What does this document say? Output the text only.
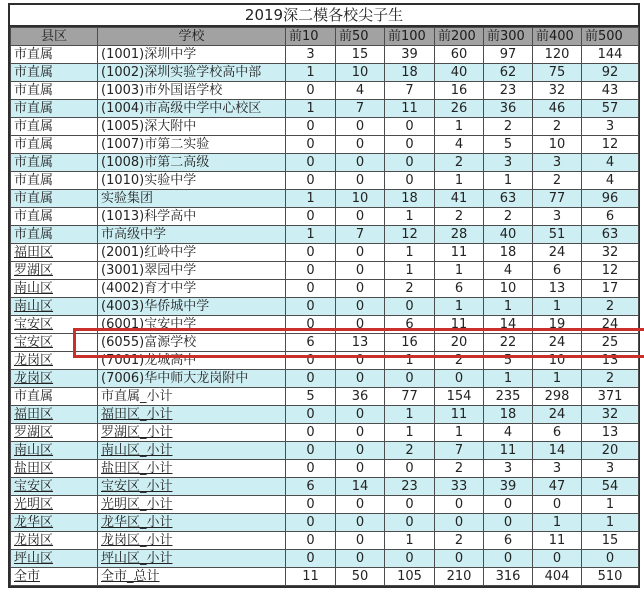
2019深二模各校尖子生
县区	学校	前10	前50	前100	前200	前300	前400	前500
市直属	(1001)深圳中学	3	15	39	60	97	120	144
市直属	(1002)深圳实验学校高中部	1	10	18	40	62	75	92
市直属	(1003)市外国语学校	0	4	7	16	23	32	43
市直属	(1004)市高级中学中心校区	1	7	11	26	36	46	57
市直属	(1005)深大附中	0	0	0	1	2	2	3
市直属	(1007)市第二实验	0	0	0	4	5	10	12
市直属	(1008)市第二高级	0	0	0	2	3	3	4
市直属	(1010)实验中学	0	0	0	1	1	2	4
市直属	实验集团	1	10	18	41	63	77	96
市直属	(1013)科学高中	0	0	1	2	2	3	6
市直属	市高级中学	1	7	12	28	40	51	63
福田区	(2001)红岭中学	0	0	1	11	18	24	32
罗湖区	(3001)翠园中学	0	0	1	1	4	6	12
南山区	(4002)育才中学	0	0	2	6	10	13	17
南山区	(4003)华侨城中学	0	0	0	1	1	1	2
宝安区	(6001)宝安中学	0	0	6	11	14	19	24
宝安区	(6055)富源学校	6	13	16	20	22	24	25
龙岗区	(7001)龙城高中	0	0	1	2	5	10	13
龙岗区	(7006)华中师大龙岗附中	0	0	0	0	1	1	2
市直属	市直属_小计	5	36	77	154	235	298	371
福田区	福田区_小计	0	0	1	11	18	24	32
罗湖区	罗湖区_小计	0	0	1	1	4	6	13
南山区	南山区_小计	0	0	2	7	11	14	20
盐田区	盐田区_小计	0	0	0	2	3	3	3
宝安区	宝安区_小计	6	14	23	33	39	47	54
光明区	光明区_小计	0	0	0	0	0	0	1
龙华区	龙华区_小计	0	0	0	0	0	1	1
龙岗区	龙岗区_小计	0	0	1	2	6	11	15
坪山区	坪山区_小计	0	0	0	0	0	0	0
全市	全市_总计	11	50	105	210	316	404	510
